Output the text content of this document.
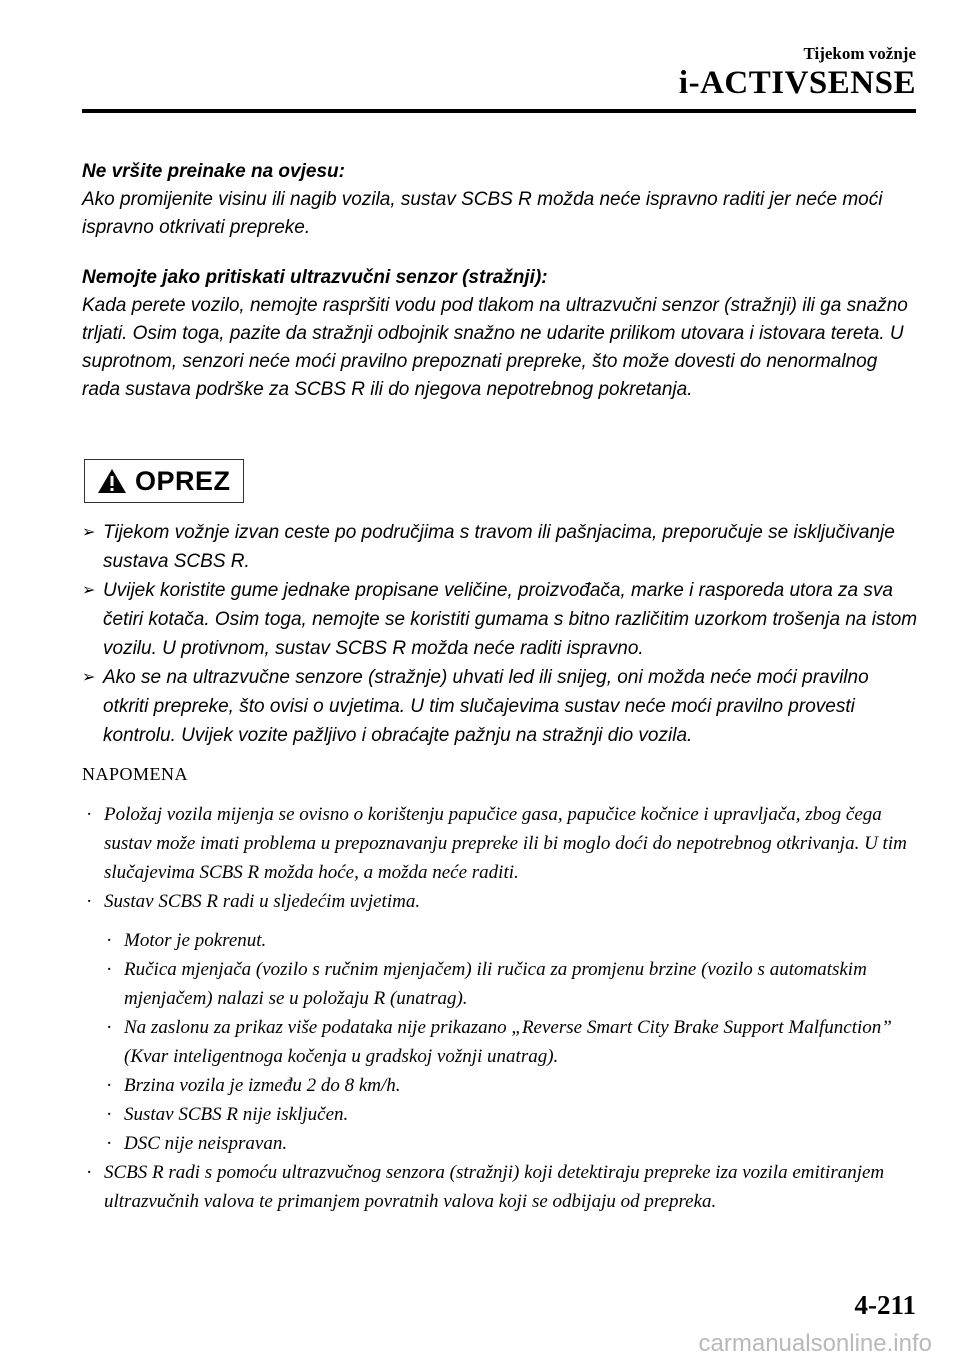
Tijekom vožnje
i-ACTIVSENSE
Ne vršite preinake na ovjesu:

Ako promijenite visinu ili nagib vozila, sustav SCBS R možda neće ispravno raditi jer neće moći ispravno otkrivati prepreke.

Nemojte jako pritiskati ultrazvučni senzor (stražnji):

Kada perete vozilo, nemojte raspršiti vodu pod tlakom na ultrazvučni senzor (stražnji) ili ga snažno trljati. Osim toga, pazite da stražnji odbojnik snažno ne udarite prilikom utovara i istovara tereta. U suprotnom, senzori neće moći pravilno prepoznati prepreke, što može dovesti do nenormalnog rada sustava podrške za SCBS R ili do njegova nepotrebnog pokretanja.

OPREZ
➢ Tijekom vožnje izvan ceste po područjima s travom ili pašnjacima, preporučuje se isključivanje sustava SCBS R.
➢ Uvijek koristite gume jednake propisane veličine, proizvođača, marke i rasporeda utora za sva četiri kotača. Osim toga, nemojte se koristiti gumama s bitno različitim uzorkom trošenja na istom vozilu. U protivnom, sustav SCBS R možda neće raditi ispravno.
➢ Ako se na ultrazvučne senzore (stražnje) uhvati led ili snijeg, oni možda neće moći pravilno otkriti prepreke, što ovisi o uvjetima. U tim slučajevima sustav neće moći pravilno provesti kontrolu. Uvijek vozite pažljivo i obraćajte pažnju na stražnji dio vozila.
NAPOMENA
· Položaj vozila mijenja se ovisno o korištenju papučice gasa, papučice kočnice i upravljača, zbog čega sustav može imati problema u prepoznavanju prepreke ili bi moglo doći do nepotrebnog otkrivanja. U tim slučajevima SCBS R možda hoće, a možda neće raditi.
· Sustav SCBS R radi u sljedećim uvjetima.
· Motor je pokrenut.
· Ručica mjenjača (vozilo s ručnim mjenjačem) ili ručica za promjenu brzine (vozilo s automatskim mjenjačem) nalazi se u položaju R (unatrag).
· Na zaslonu za prikaz više podataka nije prikazano „Reverse Smart City Brake Support Malfunction” (Kvar inteligentnoga kočenja u gradskoj vožnji unatrag).
· Brzina vozila je između 2 do 8 km/h.
· Sustav SCBS R nije isključen.
· DSC nije neispravan.
· SCBS R radi s pomoću ultrazvučnog senzora (stražnji) koji detektiraju prepreke iza vozila emitiranjem ultrazvučnih valova te primanjem povratnih valova koji se odbijaju od prepreka.
4-211
carmanualsonline.info
